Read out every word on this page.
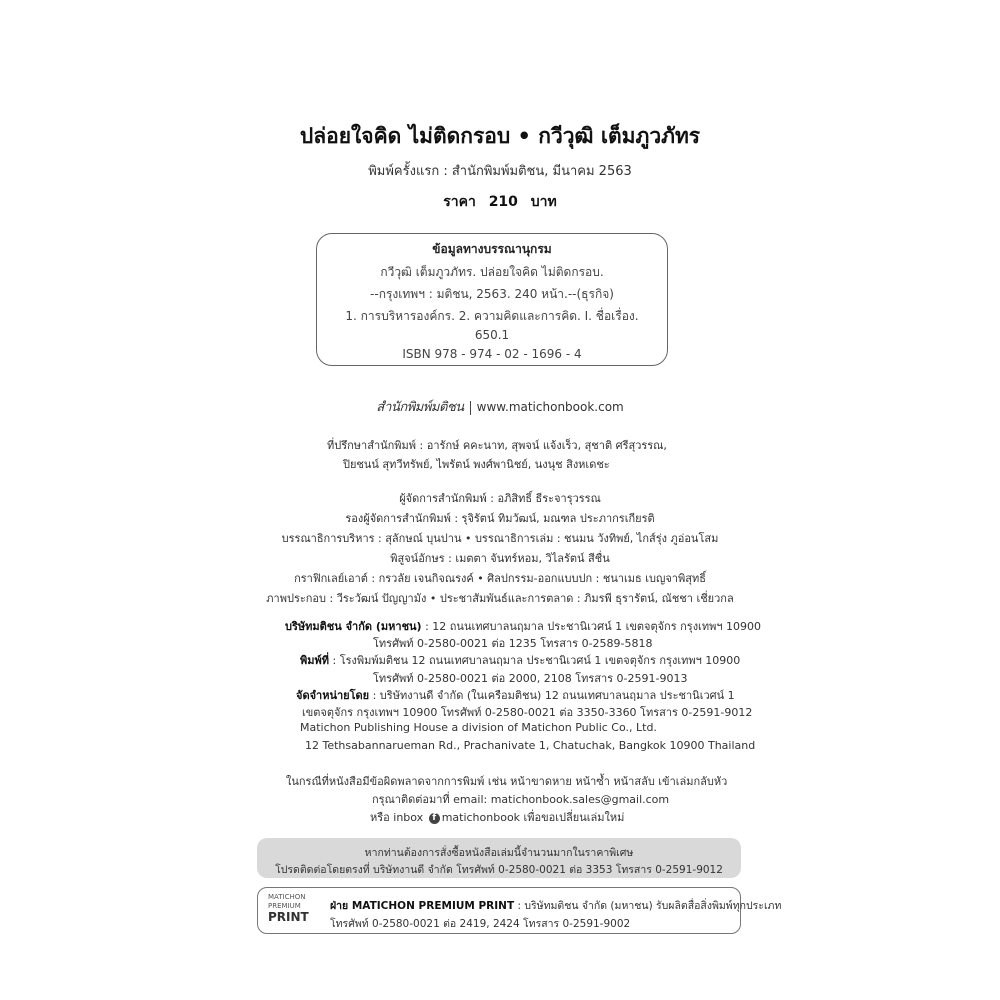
ปล่อยใจคิด ไม่ติดกรอบ • กวีวุฒิ เต็มภูวภัทร
พิมพ์ครั้งแรก : สำนักพิมพ์มติชน, มีนาคม 2563
ราคา 210 บาท
ข้อมูลทางบรรณานุกรม
กวีวุฒิ เต็มภูวภัทร. ปล่อยใจคิด ไม่ติดกรอบ.
--กรุงเทพฯ : มติชน, 2563. 240 หน้า.--(ธุรกิจ)
1. การบริหารองค์กร. 2. ความคิดและการคิด. I. ชื่อเรื่อง.
650.1
ISBN 978 - 974 - 02 - 1696 - 4
สำนักพิมพ์มติชน www.matichonbook.com
ที่ปรึกษาสำนักพิมพ์ : อารักษ์ คคะนาท, สุพจน์ แจ้งเร็ว, สุชาติ ศรีสุวรรณ,
ปิยชนน์ สุทวีทรัพย์, ไพรัตน์ พงศ์พานิชย์, นงนุช สิงหเดชะ
ผู้จัดการสำนักพิมพ์ : อภิสิทธิ์ ธีระจารุวรรณ
รองผู้จัดการสำนักพิมพ์ : รุจิรัตน์ ทิมวัฒน์, มณฑล ประภากรเกียรติ
บรรณาธิการบริหาร : สุลักษณ์ บุนปาน • บรรณาธิการเล่ม : ชนมน วังทิพย์, ไกส์รุ่ง ภูอ่อนโสม
พิสูจน์อักษร : เมตตา จันทร์หอม, วิไลรัตน์ สีชื่น
กราฟิกเลย์เอาต์ : กรวลัย เจนกิจณรงค์ • ศิลปกรรม-ออกแบบปก : ชนาเมธ เบญจาพิสุทธิ์
ภาพประกอบ : วีระวัฒน์ ปัญญามัง • ประชาสัมพันธ์และการตลาด : ภิมรพี ธุรารัตน์, ณัชชา เชี่ยวกล
บริษัทมติชน จำกัด (มหาชน) : 12 ถนนเทศบาลนฤมาล ประชานิเวศน์ 1 เขตจตุจักร กรุงเทพฯ 10900
โทรศัพท์ 0-2580-0021 ต่อ 1235 โทรสาร 0-2589-5818
พิมพ์ที่ : โรงพิมพ์มติชน 12 ถนนเทศบาลนฤมาล ประชานิเวศน์ 1 เขตจตุจักร กรุงเทพฯ 10900
โทรศัพท์ 0-2580-0021 ต่อ 2000, 2108 โทรสาร 0-2591-9013
จัดจำหน่ายโดย : บริษัทงานดี จำกัด (ในเครือมติชน) 12 ถนนเทศบาลนฤมาล ประชานิเวศน์ 1
เขตจตุจักร กรุงเทพฯ 10900 โทรศัพท์ 0-2580-0021 ต่อ 3350-3360 โทรสาร 0-2591-9012
Matichon Publishing House a division of Matichon Public Co., Ltd.
12 Tethsabannarueman Rd., Prachanivate 1, Chatuchak, Bangkok 10900 Thailand
ในกรณีที่หนังสือมีข้อผิดพลาดจากการพิมพ์ เช่น หน้าขาดหาย หน้าซ้ำ หน้าสลับ เข้าเล่มกลับหัว
กรุณาติดต่อมาที่ email: matichonbook.sales@gmail.com
หรือ inbox f matichonbook เพื่อขอเปลี่ยนเล่มใหม่
หากท่านต้องการสั่งซื้อหนังสือเล่มนี้จำนวนมากในราคาพิเศษ
โปรดติดต่อโดยตรงที่ บริษัทงานดี จำกัด โทรศัพท์ 0-2580-0021 ต่อ 3353 โทรสาร 0-2591-9012
MATICHON
PREMIUM
PRINT
ฝ่าย MATICHON PREMIUM PRINT : บริษัทมติชน จำกัด (มหาชน) รับผลิตสื่อสิ่งพิมพ์ทุกประเภท
โทรศัพท์ 0-2580-0021 ต่อ 2419, 2424 โทรสาร 0-2591-9002
